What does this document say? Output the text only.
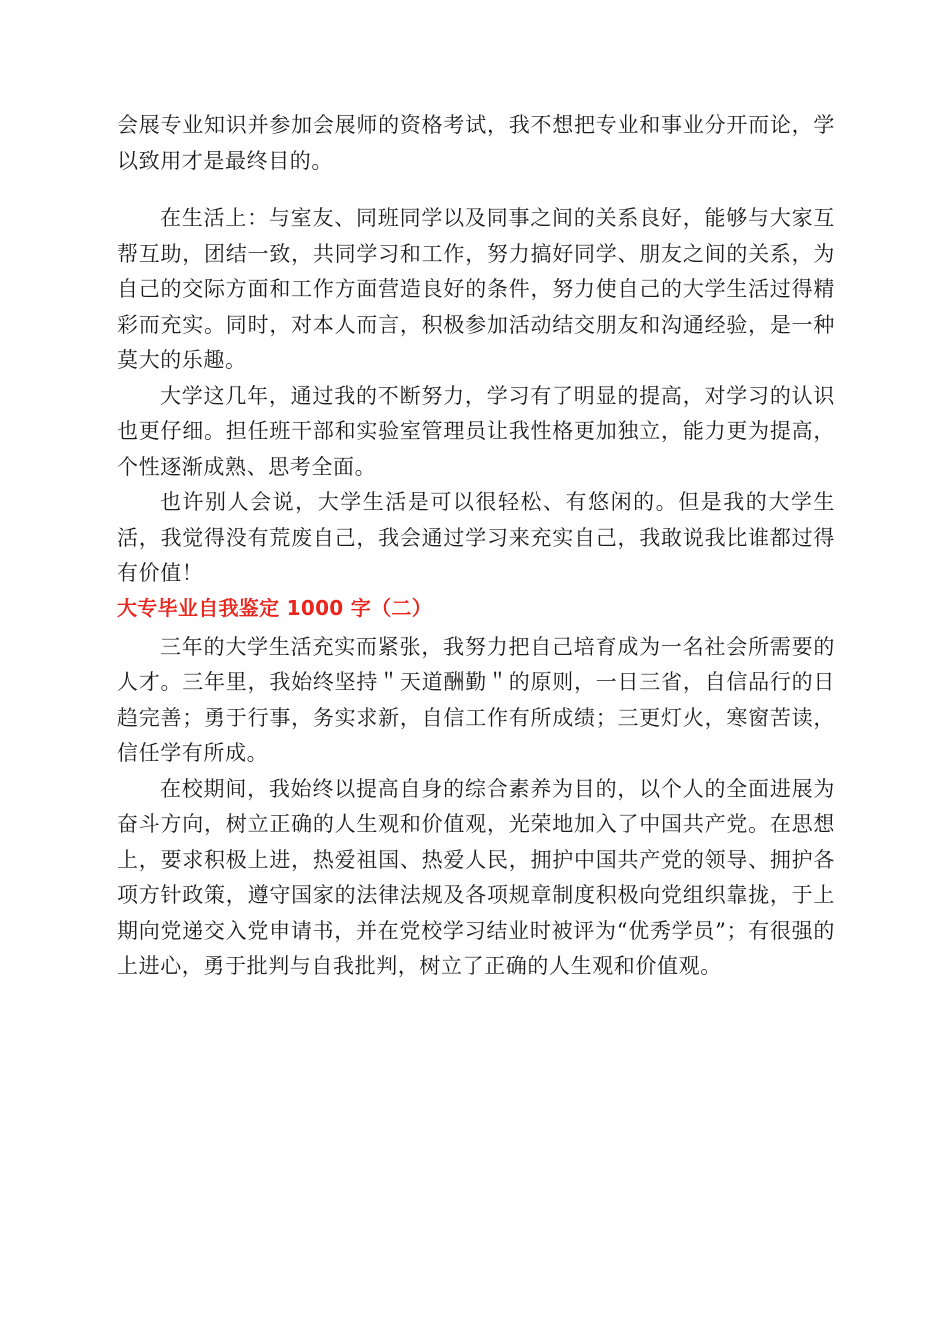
会展专业知识并参加会展师的资格考试，我不想把专业和事业分开而论，学以致用才是最终目的。

在生活上：与室友、同班同学以及同事之间的关系良好，能够与大家互帮互助，团结一致，共同学习和工作，努力搞好同学、朋友之间的关系，为自己的交际方面和工作方面营造良好的条件，努力使自己的大学生活过得精彩而充实。同时，对本人而言，积极参加活动结交朋友和沟通经验，是一种莫大的乐趣。

大学这几年，通过我的不断努力，学习有了明显的提高，对学习的认识也更仔细。担任班干部和实验室管理员让我性格更加独立，能力更为提高，个性逐渐成熟、思考全面。

也许别人会说，大学生活是可以很轻松、有悠闲的。但是我的大学生活，我觉得没有荒废自己，我会通过学习来充实自己，我敢说我比谁都过得有价值！

大专毕业自我鉴定 1000 字（二）

三年的大学生活充实而紧张，我努力把自己培育成为一名社会所需要的人才。三年里，我始终坚持＂天道酬勤＂的原则，一日三省，自信品行的日趋完善；勇于行事，务实求新，自信工作有所成绩；三更灯火，寒窗苦读，信任学有所成。

在校期间，我始终以提高自身的综合素养为目的，以个人的全面进展为奋斗方向，树立正确的人生观和价值观，光荣地加入了中国共产党。在思想上，要求积极上进，热爱祖国、热爱人民，拥护中国共产党的领导、拥护各项方针政策，遵守国家的法律法规及各项规章制度积极向党组织靠拢，于上期向党递交入党申请书，并在党校学习结业时被评为“优秀学员”；有很强的上进心，勇于批判与自我批判，树立了正确的人生观和价值观。
